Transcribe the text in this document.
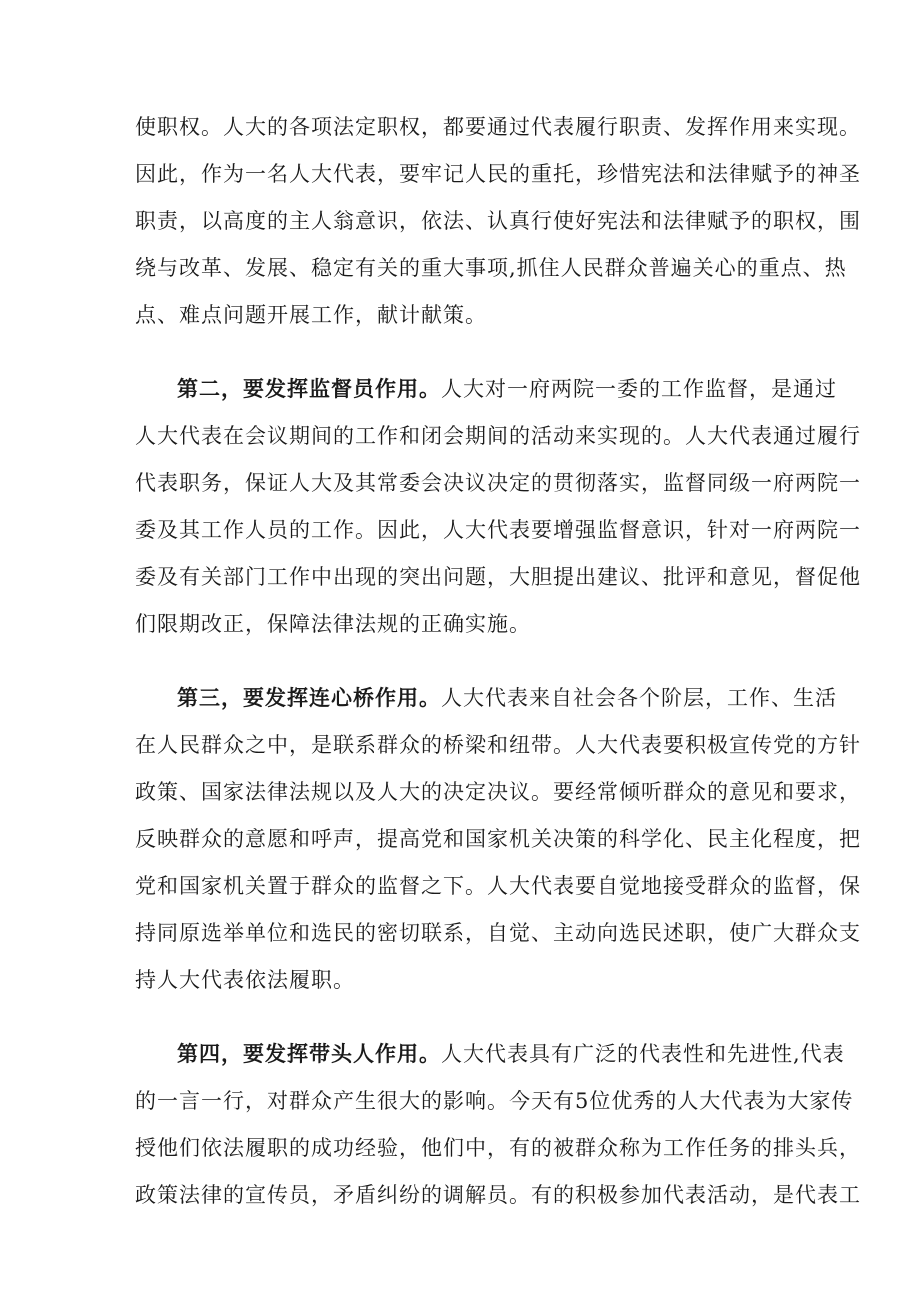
使职权。人大的各项法定职权，都要通过代表履行职责、发挥作用来实现。
因此，作为一名人大代表，要牢记人民的重托，珍惜宪法和法律赋予的神圣
职责，以高度的主人翁意识，依法、认真行使好宪法和法律赋予的职权，围
绕与改革、发展、稳定有关的重大事项,抓住人民群众普遍关心的重点、热
点、难点问题开展工作，献计献策。
第二，要发挥监督员作用。人大对一府两院一委的工作监督，是通过
人大代表在会议期间的工作和闭会期间的活动来实现的。人大代表通过履行
代表职务，保证人大及其常委会决议决定的贯彻落实，监督同级一府两院一
委及其工作人员的工作。因此，人大代表要增强监督意识，针对一府两院一
委及有关部门工作中出现的突出问题，大胆提出建议、批评和意见，督促他
们限期改正，保障法律法规的正确实施。
第三，要发挥连心桥作用。人大代表来自社会各个阶层，工作、生活
在人民群众之中，是联系群众的桥梁和纽带。人大代表要积极宣传党的方针
政策、国家法律法规以及人大的决定决议。要经常倾听群众的意见和要求，
反映群众的意愿和呼声，提高党和国家机关决策的科学化、民主化程度，把
党和国家机关置于群众的监督之下。人大代表要自觉地接受群众的监督，保
持同原选举单位和选民的密切联系，自觉、主动向选民述职，使广大群众支
持人大代表依法履职。
第四，要发挥带头人作用。人大代表具有广泛的代表性和先进性,代表
的一言一行，对群众产生很大的影响。今天有5位优秀的人大代表为大家传
授他们依法履职的成功经验，他们中，有的被群众称为工作任务的排头兵，
政策法律的宣传员，矛盾纠纷的调解员。有的积极参加代表活动，是代表工
